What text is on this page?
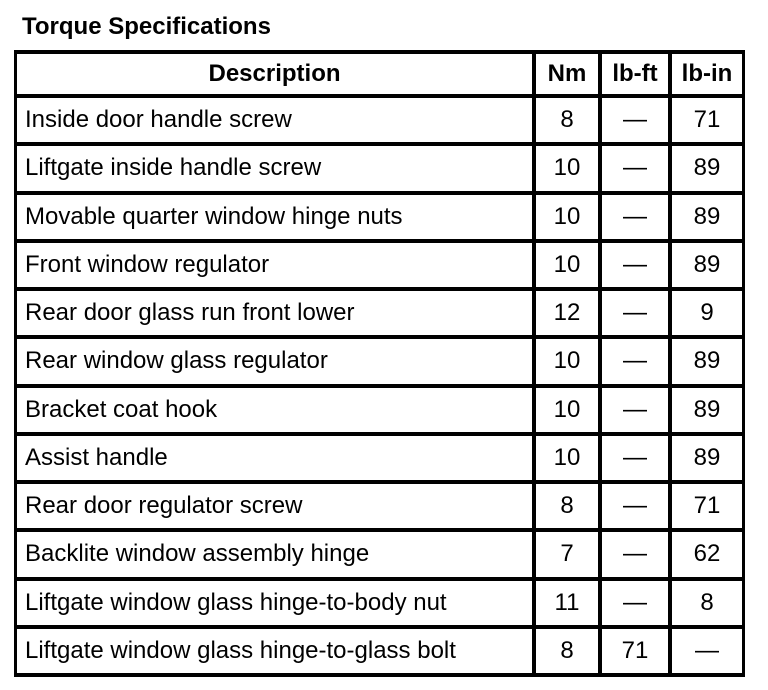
Torque Specifications
Description	Nm	lb-ft	lb-in
Inside door handle screw	8	—	71
Liftgate inside handle screw	10	—	89
Movable quarter window hinge nuts	10	—	89
Front window regulator	10	—	89
Rear door glass run front lower	12	—	9
Rear window glass regulator	10	—	89
Bracket coat hook	10	—	89
Assist handle	10	—	89
Rear door regulator screw	8	—	71
Backlite window assembly hinge	7	—	62
Liftgate window glass hinge-to-body nut	11	—	8
Liftgate window glass hinge-to-glass bolt	8	71	—
